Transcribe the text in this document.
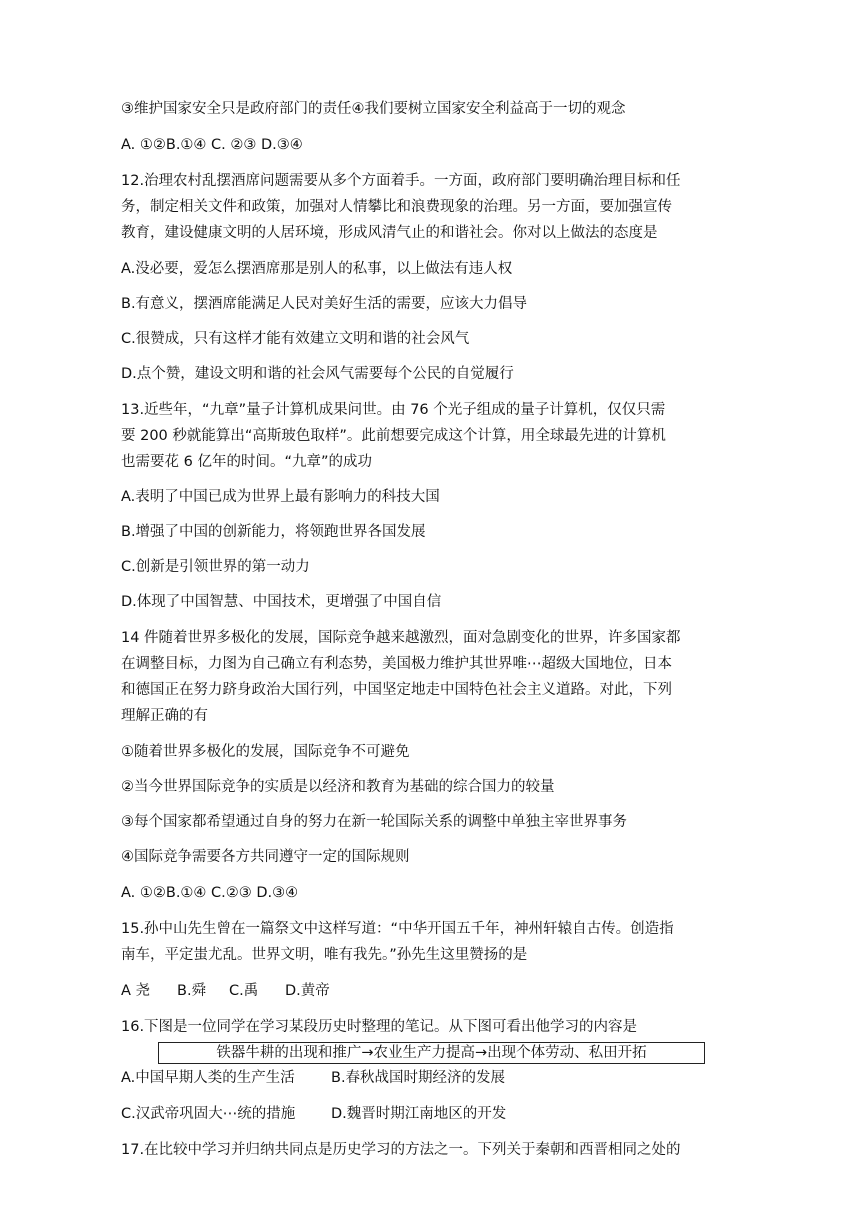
③维护国家安全只是政府部门的责任④我们要树立国家安全利益高于一切的观念

A. ①②B.①④ C. ②③ D.③④

12.治理农村乱摆酒席问题需要从多个方面着手。一方面，政府部门要明确治理目标和任

务，制定相关文件和政策，加强对人情攀比和浪费现象的治理。另一方面，要加强宣传

教育，建设健康文明的人居环境，形成风清气止的和谐社会。你对以上做法的态度是

A.没必要，爱怎么摆酒席那是别人的私事，以上做法有违人权

B.有意义，摆酒席能满足人民对美好生活的需要，应该大力倡导

C.很赞成，只有这样才能有效建立文明和谐的社会风气

D.点个赞，建设文明和谐的社会风气需要每个公民的自觉履行

13.近些年，“九章”量子计算机成果问世。由 76 个光子组成的量子计算机，仅仅只需

要 200 秒就能算出“高斯玻色取样”。此前想要完成这个计算，用全球最先进的计算机

也需要花 6 亿年的时间。“九章”的成功

A.表明了中国已成为世界上最有影响力的科技大国

B.增强了中国的创新能力，将领跑世界各国发展

C.创新是引领世界的第一动力

D.体现了中国智慧、中国技术，更增强了中国自信

14 件随着世界多极化的发展，国际竞争越来越激烈，面对急剧变化的世界，许多国家都

在调整目标，力图为自己确立有利态势，美国极力维护其世界唯⋯超级大国地位，日本

和德国正在努力跻身政治大国行列，中国坚定地走中国特色社会主义道路。对此，下列

理解正确的有

①随着世界多极化的发展，国际竞争不可避免

②当今世界国际竞争的实质是以经济和教育为基础的综合国力的较量

③每个国家都希望通过自身的努力在新一轮国际关系的调整中单独主宰世界事务

④国际竞争需要各方共同遵守一定的国际规则

A. ①②B.①④ C.②③ D.③④

15.孙中山先生曾在一篇祭文中这样写道：“中华开国五千年，神州轩辕自古传。创造指

南车，平定蚩尤乱。世界文明，唯有我先。”孙先生这里赞扬的是

A 尧 B.舜 C.禹 D.黄帝

16.下图是一位同学在学习某段历史时整理的笔记。从下图可看出他学习的内容是

铁器牛耕的出现和推广→农业生产力提高→出现个体劳动、私田开拓

A.中国早期人类的生产生活 B.春秋战国时期经济的发展

C.汉武帝巩固大⋯统的措施 D.魏晋时期江南地区的开发

17.在比较中学习并归纳共同点是历史学习的方法之一。下列关于秦朝和西晋相同之处的
